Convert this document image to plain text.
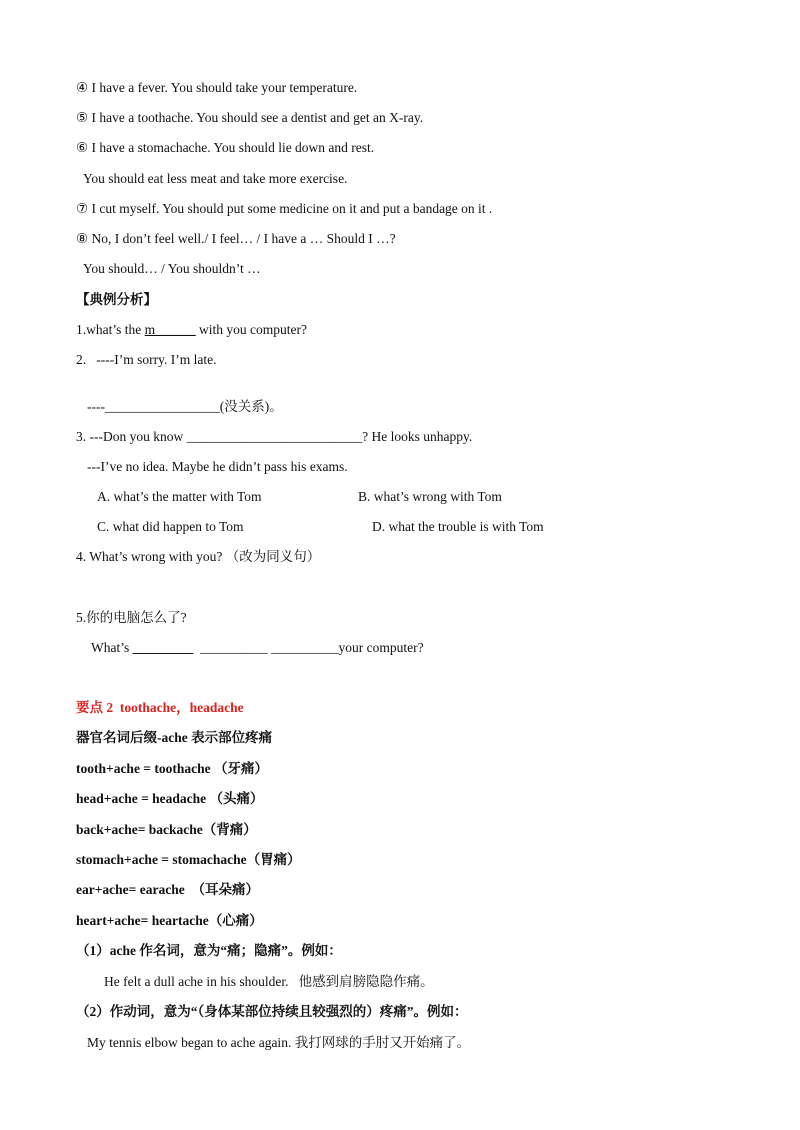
④ I have a fever. You should take your temperature.
⑤ I have a toothache. You should see a dentist and get an X-ray.
⑥ I have a stomachache. You should lie down and rest.
You should eat less meat and take more exercise.
⑦ I cut myself. You should put some medicine on it and put a bandage on it .
⑧ No, I don’t feel well./ I feel… / I have a … Should I …?
You should… / You shouldn’t …
【典例分析】
1.what’s the m______ with you computer?
2.   ----I’m sorry. I’m late.
----_________________(没关系)。
3. ---Don you know __________________________? He looks unhappy.
---I’ve no idea. Maybe he didn’t pass his exams.
A. what’s the matter with Tom	B. what’s wrong with Tom
C. what did happen to Tom	D. what the trouble is with Tom
4. What’s wrong with you? （改为同义句）
5.你的电脑怎么了?
What’s _________ __________ __________your computer?
要点 2  toothache，headache
器官名词后缀-ache 表示部位疼痛
tooth+ache = toothache （牙痛）
head+ache = headache （头痛）
back+ache= backache（背痛）
stomach+ache = stomachache（胃痛）
ear+ache= earache  （耳朵痛）
heart+ache= heartache（心痛）
（1）ache 作名词，意为“痛；隐痛”。例如：
He felt a dull ache in his shoulder.   他感到肩膀隐隐作痛。
（2）作动词，意为“（身体某部位持续且较强烈的）疼痛”。例如：
My tennis elbow began to ache again. 我打网球的手肘又开始痛了。
